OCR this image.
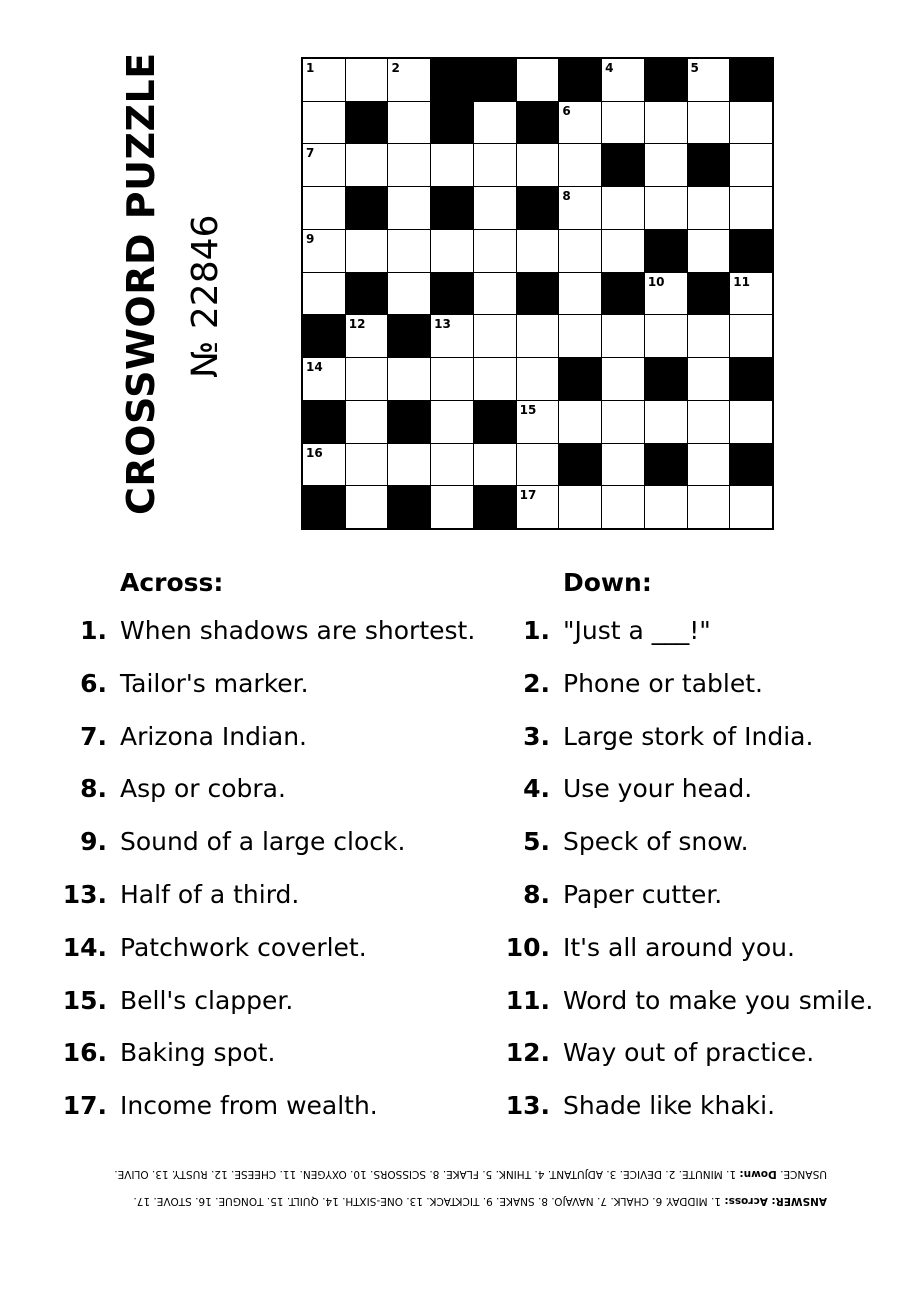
CROSSWORD PUZZLE № 22846
1	2	3	4	5
6
7
8
9
10	11
12	13
14
15
16
17
Across:	Down:
1. When shadows are shortest.
6. Tailor's marker.
7. Arizona Indian.
8. Asp or cobra.
9. Sound of a large clock.
13. Half of a third.
14. Patchwork coverlet.
15. Bell's clapper.
16. Baking spot.
17. Income from wealth.
1. "Just a ___!"
2. Phone or tablet.
3. Large stork of India.
4. Use your head.
5. Speck of snow.
8. Paper cutter.
10. It's all around you.
11. Word to make you smile.
12. Way out of practice.
13. Shade like khaki.
ANSWER: Across: 1. MIDDAY. 6. CHALK. 7. NAVAJO. 8. SNAKE. 9. TICKTACK. 13. ONE-SIXTH. 14. QUILT. 15. TONGUE. 16. STOVE. 17. USANCE. Down: 1. MINUTE. 2. DEVICE. 3. ADJUTANT. 4. THINK. 5. FLAKE. 8. SCISSORS. 10. OXYGEN. 11. CHEESE. 12. RUSTY. 13. OLIVE.
